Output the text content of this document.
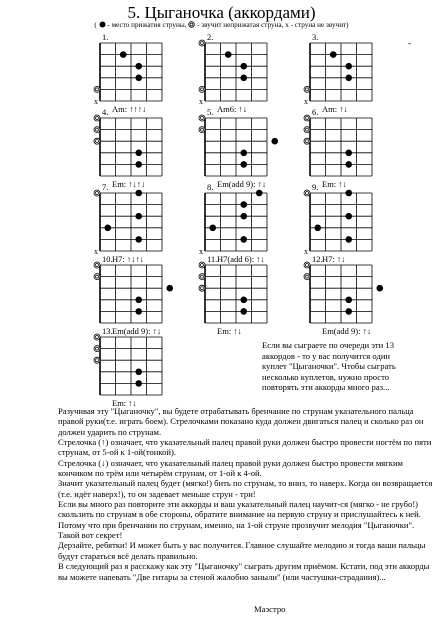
5. Цыганочка (аккордами)
( - место прижатия струны, - звучит неприжатая струна, x - струна не звучит)
-
1.
x
Am: ↑↑↑↓
2.
x
Am6: ↑↓
3.
x
Am: ↑↓
4.
Em: ↑↓↑↓
5.
Em(add 9): ↑↓
6.
Em: ↑↓
7.
x
H7: ↑↓↑↓
8.
x
H7(add 6): ↑↓
9.
x
H7: ↑↓
10.
Em(add 9): ↑↓
11.
Em: ↑↓
12.
Em(add 9): ↑↓
13.
Em: ↑↓
Если вы сыграете по очереди эти 13 аккордов - то у вас получится один куплет "Цыганочки". Чтобы сыграть несколько куплетов, нужно просто повторять эти аккорды много раз...

Разучивая эту "Цыганочку", вы будете отрабатывать бренчание по струнам указательного пальца правой руки(т.е. играть боем). Стрелочками показано куда должен двигаться палец и сколько раз он должен ударить по струнам.

Стрелочка (↑) означает, что указательный палец правой руки должен быстро провести ногтём по пяти струнам, от 5-ой к 1-ой(тонкой).

Стрелочка (↓) означает, что указательный палец правой руки должен быстро провести мягким кончиком по трём или четырём струнам, от 1-ой к 4-ой.

Значит указательный палец будет (мягко!) бить по струнам, то вниз, то наверх. Когда он возвращается (т.е. идёт наверх!), то он задевает меньше струн - три!

Если вы много раз повторите эти аккорды и ваш указательный палец научит-ся (мягко - не грубо!) скользить по струнам в обе стороны, обратите внимание на первую струну и прислушайтесь к ней. Потому что при бренчании по струнам, именно, на 1-ой струне прозвучит мелодия "Цыганочки".

Такой вот секрет!

Дерзайте, ребятки! И может быть у вас получится. Главное слушайте мелодию и тогда ваши пальцы будут стараться всё делать правильно.

В следующий раз я расскажу как эту "Цыганочку" сыграть другим приёмом. Кстати, под эти аккорды вы можете напевать "Две гитары за стеной жалобно заныли" (или частушки-страдания)...

Маэстро
